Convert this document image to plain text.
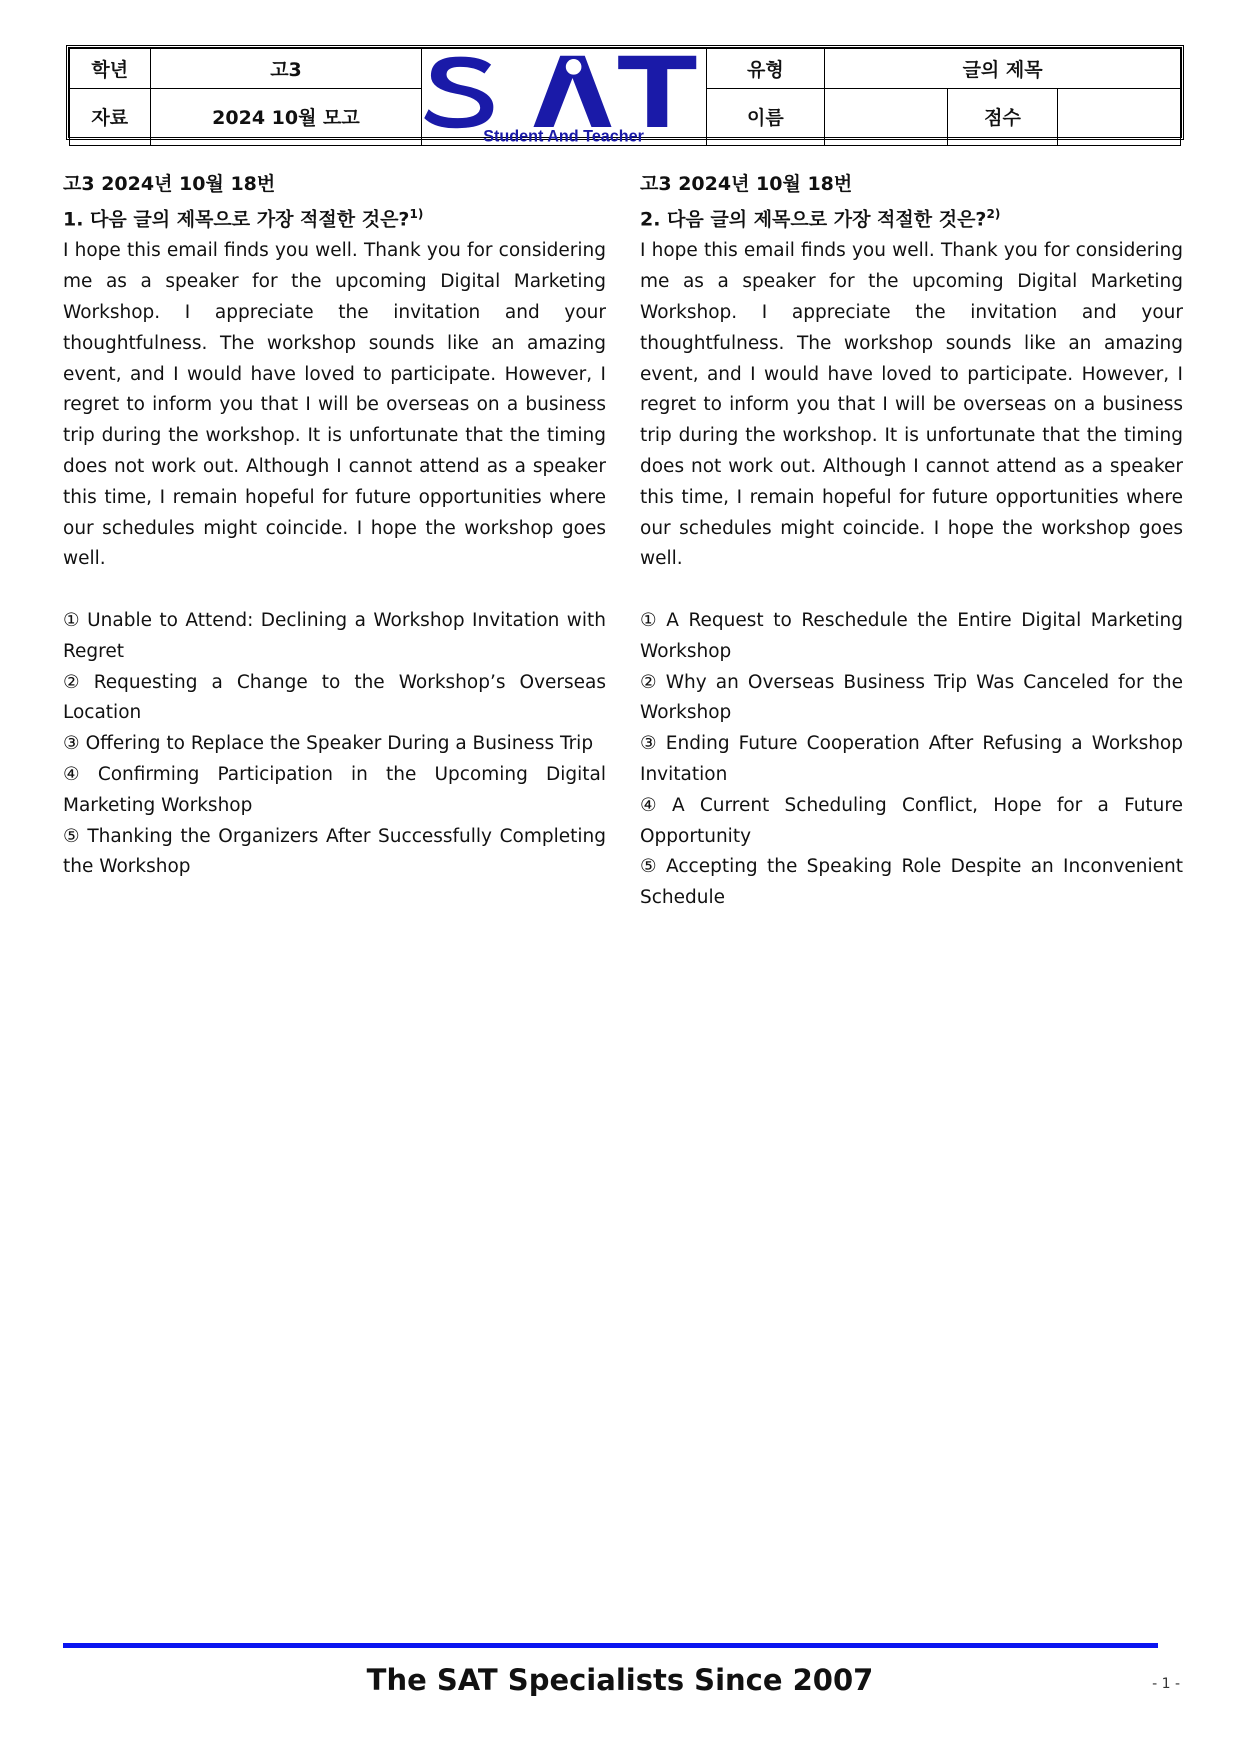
학년	고3	Student And Teacher	유형	글의 제목		
자료	2024 10월 모고		이름		점수	
고3 2024년 10월 18번
1. 다음 글의 제목으로 가장 적절한 것은?$^{1)}$
I hope this email finds you well. Thank you for considering me as a speaker for the upcoming Digital Marketing Workshop. I appreciate the invitation and your thoughtfulness. The workshop sounds like an amazing event, and I would have loved to participate. However, I regret to inform you that I will be overseas on a business trip during the workshop. It is unfortunate that the timing does not work out. Although I cannot attend as a speaker this time, I remain hopeful for future opportunities where our schedules might coincide. I hope the workshop goes well.
① Unable to Attend: Declining a Workshop Invitation with Regret
② Requesting a Change to the Workshop’s Overseas Location
③ Offering to Replace the Speaker During a Business Trip
④ Confirming Participation in the Upcoming Digital Marketing Workshop
⑤ Thanking the Organizers After Successfully Completing the Workshop
고3 2024년 10월 18번
2. 다음 글의 제목으로 가장 적절한 것은?$^{2)}$
I hope this email finds you well. Thank you for considering me as a speaker for the upcoming Digital Marketing Workshop. I appreciate the invitation and your thoughtfulness. The workshop sounds like an amazing event, and I would have loved to participate. However, I regret to inform you that I will be overseas on a business trip during the workshop. It is unfortunate that the timing does not work out. Although I cannot attend as a speaker this time, I remain hopeful for future opportunities where our schedules might coincide. I hope the workshop goes well.
① A Request to Reschedule the Entire Digital Marketing Workshop
② Why an Overseas Business Trip Was Canceled for the Workshop
③ Ending Future Cooperation After Refusing a Workshop Invitation
④ A Current Scheduling Conflict, Hope for a Future Opportunity
⑤ Accepting the Speaking Role Despite an Inconvenient Schedule
The SAT Specialists Since 2007	- 1 -
